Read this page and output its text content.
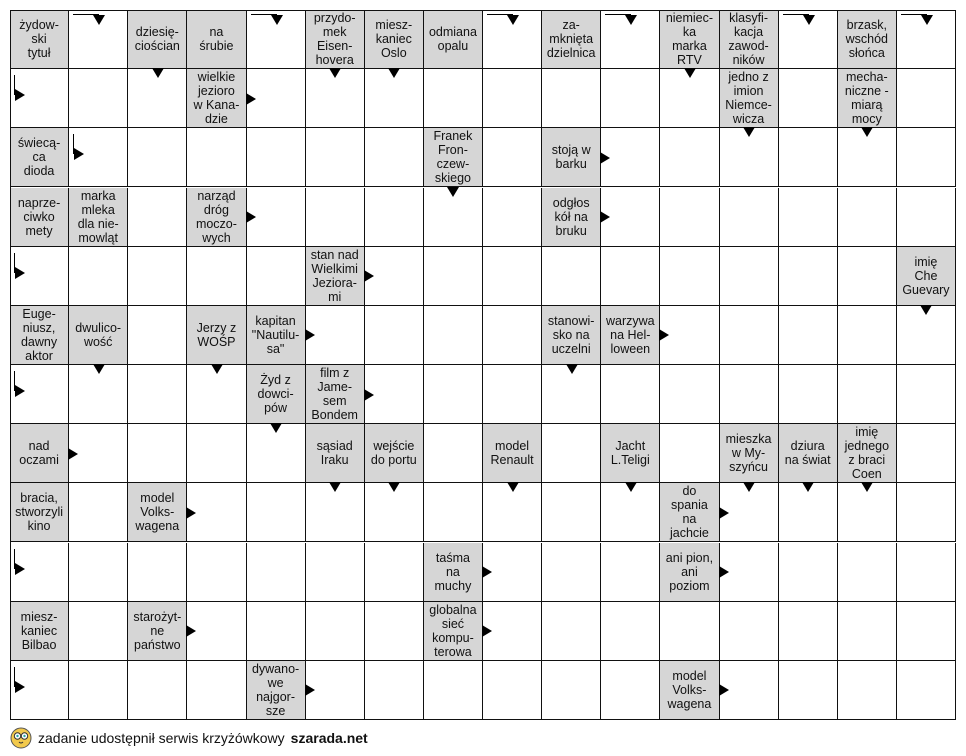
żydow-
ski
tytuł
dziesię-
ciościan
na
śrubie
przydo-
mek
Eisen-
hovera
miesz-
kaniec
Oslo
odmiana
opalu
za-
mknięta
dzielnica
niemiec-
ka
marka
RTV
klasyfi-
kacja
zawod-
ników
brzask,
wschód
słońca
wielkie
jezioro
w Kana-
dzie
jedno z
imion
Niemce-
wicza
mecha-
niczne -
miarą
mocy
świecą-
ca
dioda
Franek
Fron-
czew-
skiego
stoją w
barku
naprze-
ciwko
mety
marka
mleka
dla nie-
mowląt
narząd
dróg
moczo-
wych
odgłos
kół na
bruku
stan nad
Wielkimi
Jeziora-
mi
imię
Che
Guevary
Euge-
niusz,
dawny
aktor
dwulico-
wość
Jerzy z
WOŚP
kapitan
"Nautilu-
sa"
stanowi-
sko na
uczelni
warzywa
na Hel-
loween
Żyd z
dowci-
pów
film z
Jame-
sem
Bondem
nad
oczami
sąsiad
Iraku
wejście
do portu
model
Renault
Jacht
L.Teligi
mieszka
w My-
szyńcu
dziura
na świat
imię
jednego
z braci
Coen
bracia,
stworzyli
kino
model
Volks-
wagena
do
spania
na
jachcie
taśma
na
muchy
ani pion,
ani
poziom
miesz-
kaniec
Bilbao
starożyt-
ne
państwo
globalna
sieć
kompu-
terowa
dywano-
we
najgor-
sze
model
Volks-
wagena
zadanie udostępnił serwis krzyżówkowy szarada.net
